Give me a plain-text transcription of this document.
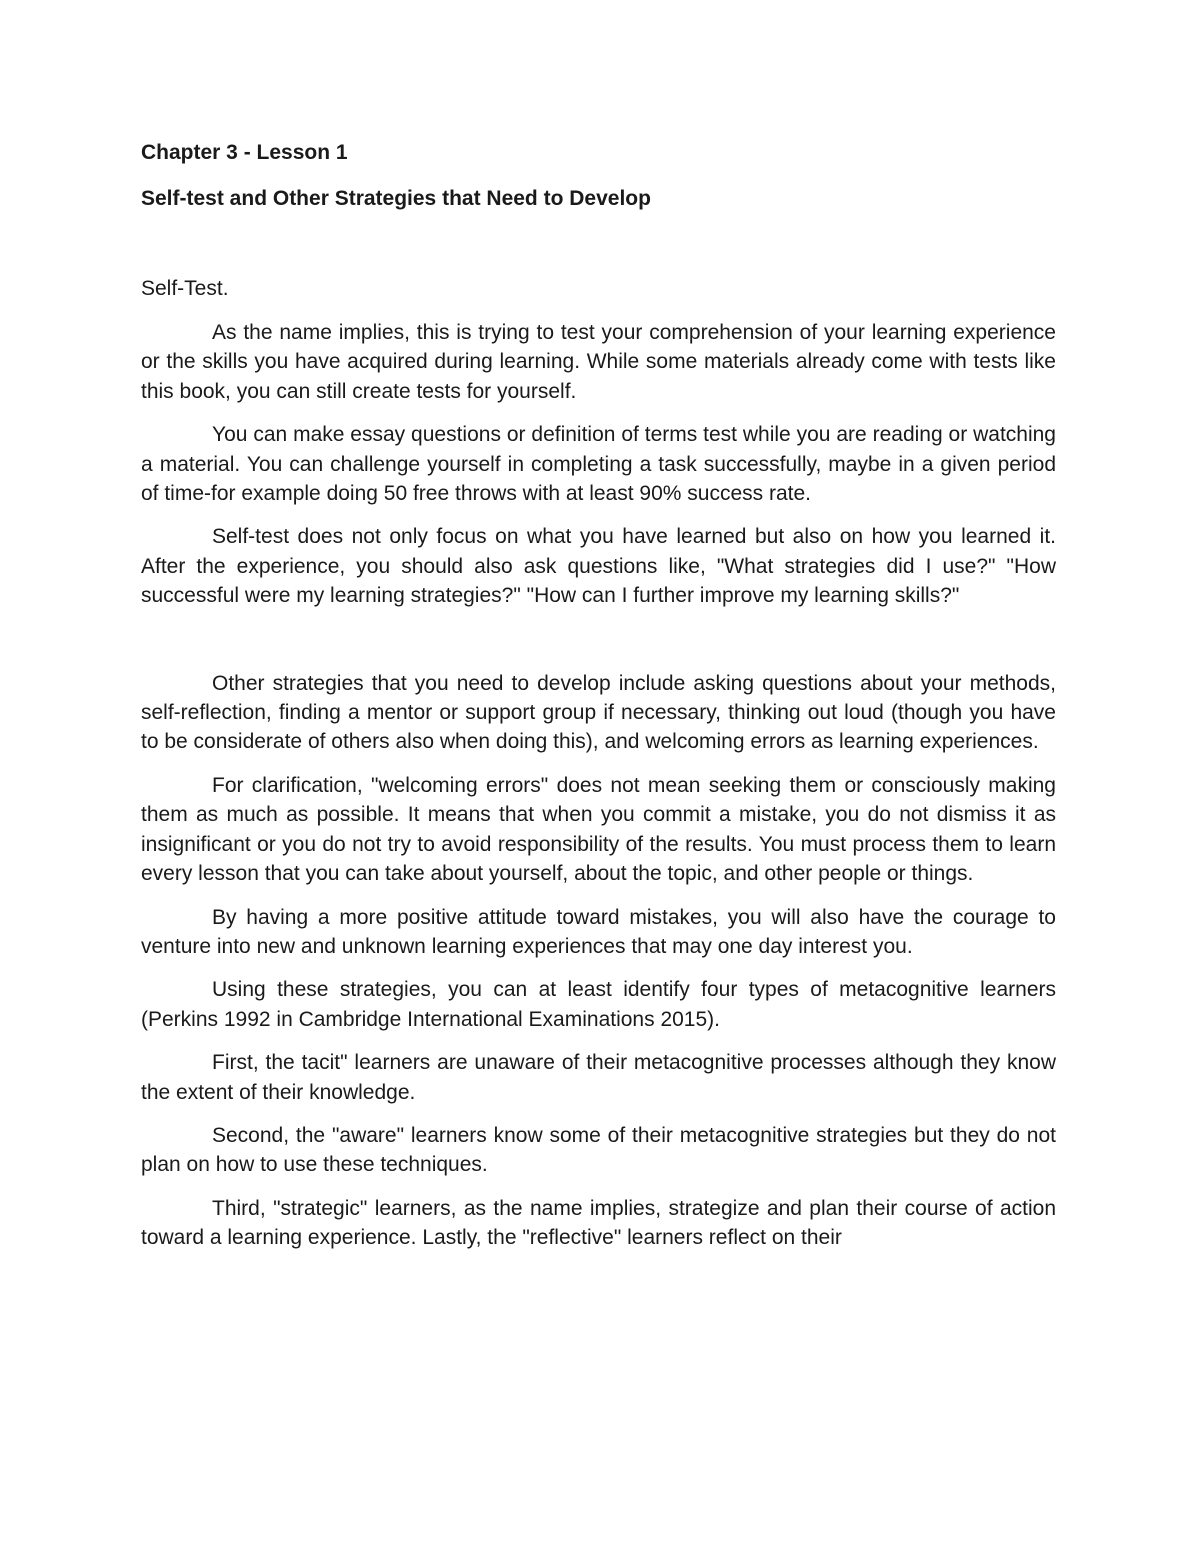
Chapter 3 - Lesson 1

Self-test and Other Strategies that Need to Develop

Self-Test.

As the name implies, this is trying to test your comprehension of your learning experience or the skills you have acquired during learning. While some materials already come with tests like this book, you can still create tests for yourself.

You can make essay questions or definition of terms test while you are reading or watching a material. You can challenge yourself in completing a task successfully, maybe in a given period of time-for example doing 50 free throws with at least 90% success rate.

Self-test does not only focus on what you have learned but also on how you learned it. After the experience, you should also ask questions like, "What strategies did I use?" "How successful were my learning strategies?" "How can I further improve my learning skills?"

Other strategies that you need to develop include asking questions about your methods, self-reflection, finding a mentor or support group if necessary, thinking out loud (though you have to be considerate of others also when doing this), and welcoming errors as learning experiences.

For clarification, "welcoming errors" does not mean seeking them or consciously making them as much as possible. It means that when you commit a mistake, you do not dismiss it as insignificant or you do not try to avoid responsibility of the results. You must process them to learn every lesson that you can take about yourself, about the topic, and other people or things.

By having a more positive attitude toward mistakes, you will also have the courage to venture into new and unknown learning experiences that may one day interest you.

Using these strategies, you can at least identify four types of metacognitive learners (Perkins 1992 in Cambridge International Examinations 2015).

First, the tacit" learners are unaware of their metacognitive processes although they know the extent of their knowledge.

Second, the "aware" learners know some of their metacognitive strategies but they do not plan on how to use these techniques.

Third, "strategic" learners, as the name implies, strategize and plan their course of action toward a learning experience. Lastly, the "reflective" learners reflect on their
